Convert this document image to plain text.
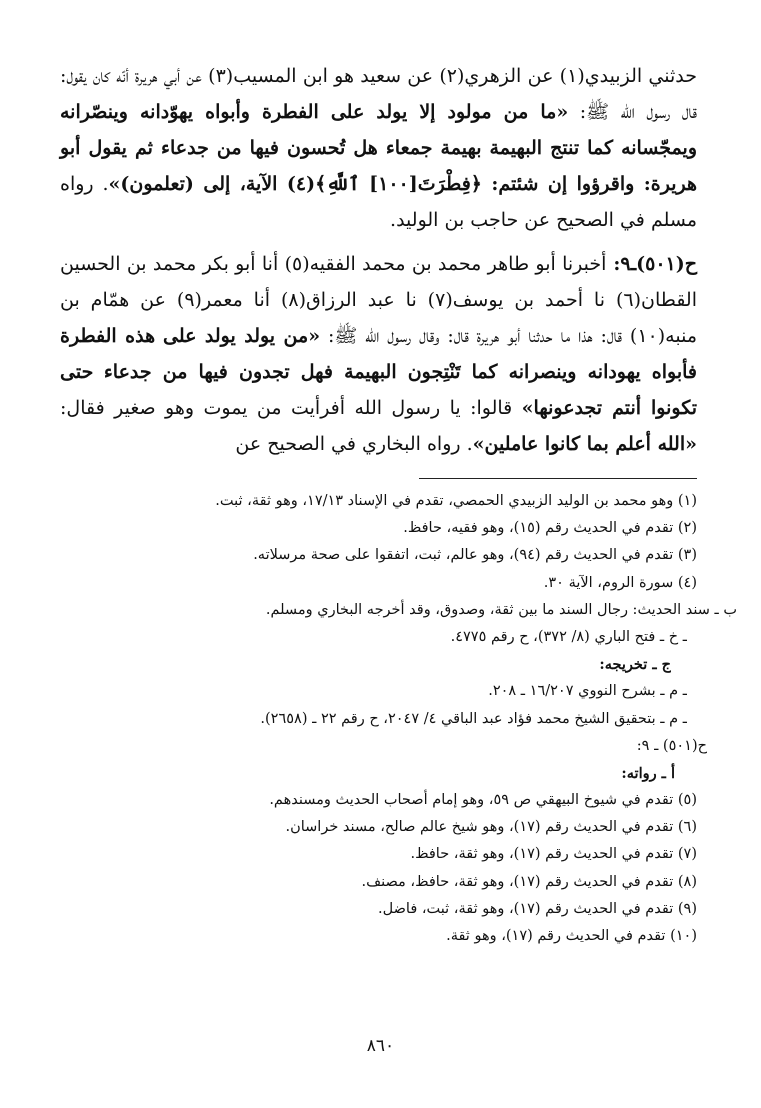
حدثني الزبيدي(١) عن الزهري(٢) عن سعيد هو ابن المسيب(٣) عن أبي هريرة أنّه كان يقول: قال رسول الله ﷺ: «ما من مولود إلا يولد على الفطرة وأبواه يهوّدانه وينصّرانه ويمجّسانه كما تنتج البهيمة بهيمة جمعاء هل تُحسون فيها من جدعاء ثم يقول أبو هريرة: واقرؤوا إن شئتم: ﴿فِطْرَتَ[١٠٠] ٱللَّهِ﴾(٤) الآية، إلى (تعلمون)». رواه مسلم في الصحيح عن حاجب بن الوليد.

ح(٥٠١)ـ٩: أخبرنا أبو طاهر محمد بن محمد الفقيه(٥) أنا أبو بكر محمد بن الحسين القطان(٦) نا أحمد بن يوسف(٧) نا عبد الرزاق(٨) أنا معمر(٩) عن همّام بن منبه(١٠) قال: هذا ما حدثنا أبو هريرة قال: وقال رسول الله ﷺ: «من يولد يولد على هذه الفطرة فأبواه يهودانه وينصرانه كما تَنْتِجون البهيمة فهل تجدون فيها من جدعاء حتى تكونوا أنتم تجدعونها» قالوا: يا رسول الله أفرأيت من يموت وهو صغير فقال: «الله أعلم بما كانوا عاملين». رواه البخاري في الصحيح عن

(١) وهو محمد بن الوليد الزبيدي الحمصي، تقدم في الإسناد ١٧/١٣، وهو ثقة، ثبت.
(٢) تقدم في الحديث رقم (١٥)، وهو فقيه، حافظ.
(٣) تقدم في الحديث رقم (٩٤)، وهو عالم، ثبت، اتفقوا على صحة مرسلاته.
(٤) سورة الروم، الآية ٣٠.
ب ـ سند الحديث: رجال السند ما بين ثقة، وصدوق، وقد أخرجه البخاري ومسلم.
ـ خ ـ فتح الباري (٨/ ٣٧٢)، ح رقم ٤٧٧٥.
ج ـ تخريجه:
ـ م ـ بشرح النووي ١٦/٢٠٧ ـ ٢٠٨.
ـ م ـ بتحقيق الشيخ محمد فؤاد عبد الباقي ٤/ ٢٠٤٧، ح رقم ٢٢ ـ (٢٦٥٨).
ح(٥٠١) ـ ٩:
أ ـ رواته:
(٥) تقدم في شيوخ البيهقي ص ٥٩، وهو إمام أصحاب الحديث ومسندهم.
(٦) تقدم في الحديث رقم (١٧)، وهو شيخ عالم صالح، مسند خراسان.
(٧) تقدم في الحديث رقم (١٧)، وهو ثقة، حافظ.
(٨) تقدم في الحديث رقم (١٧)، وهو ثقة، حافظ، مصنف.
(٩) تقدم في الحديث رقم (١٧)، وهو ثقة، ثبت، فاضل.
(١٠) تقدم في الحديث رقم (١٧)، وهو ثقة.
٨٦٠
